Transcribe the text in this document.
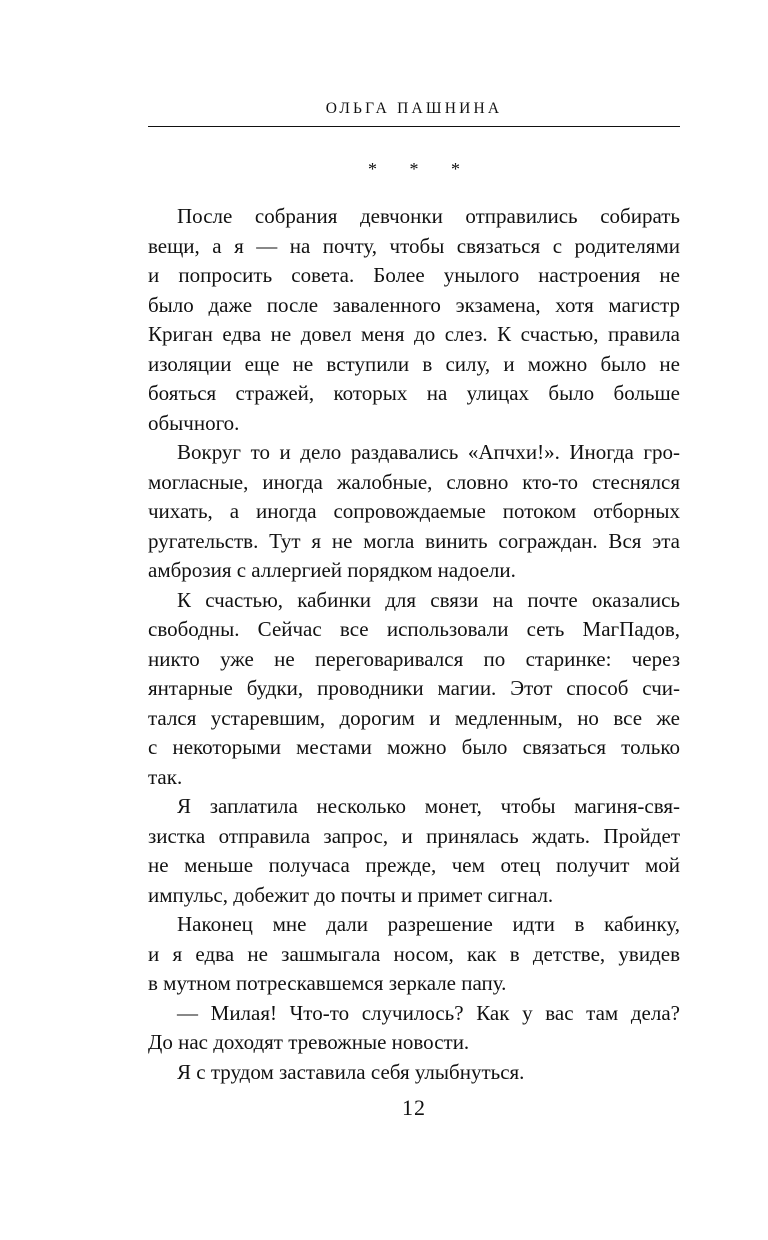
ОЛЬГА ПАШНИНА
* * *
После собрания девчонки отправились собирать
вещи, а я — на почту, чтобы связаться с родителями
и попросить совета. Более унылого настроения не
было даже после заваленного экзамена, хотя магистр
Криган едва не довел меня до слез. К счастью, правила
изоляции еще не вступили в силу, и можно было не
бояться стражей, которых на улицах было больше
обычного.
Вокруг то и дело раздавались «Апчхи!». Иногда гро-
могласные, иногда жалобные, словно кто-то стеснялся
чихать, а иногда сопровождаемые потоком отборных
ругательств. Тут я не могла винить сограждан. Вся эта
амброзия с аллергией порядком надоели.
К счастью, кабинки для связи на почте оказались
свободны. Сейчас все использовали сеть МагПадов,
никто уже не переговаривался по старинке: через
янтарные будки, проводники магии. Этот способ счи-
тался устаревшим, дорогим и медленным, но все же
с некоторыми местами можно было связаться только
так.
Я заплатила несколько монет, чтобы магиня-свя-
зистка отправила запрос, и принялась ждать. Пройдет
не меньше получаса прежде, чем отец получит мой
импульс, добежит до почты и примет сигнал.
Наконец мне дали разрешение идти в кабинку,
и я едва не зашмыгала носом, как в детстве, увидев
в мутном потрескавшемся зеркале папу.
— Милая! Что-то случилось? Как у вас там дела?
До нас доходят тревожные новости.
Я с трудом заставила себя улыбнуться.
12
